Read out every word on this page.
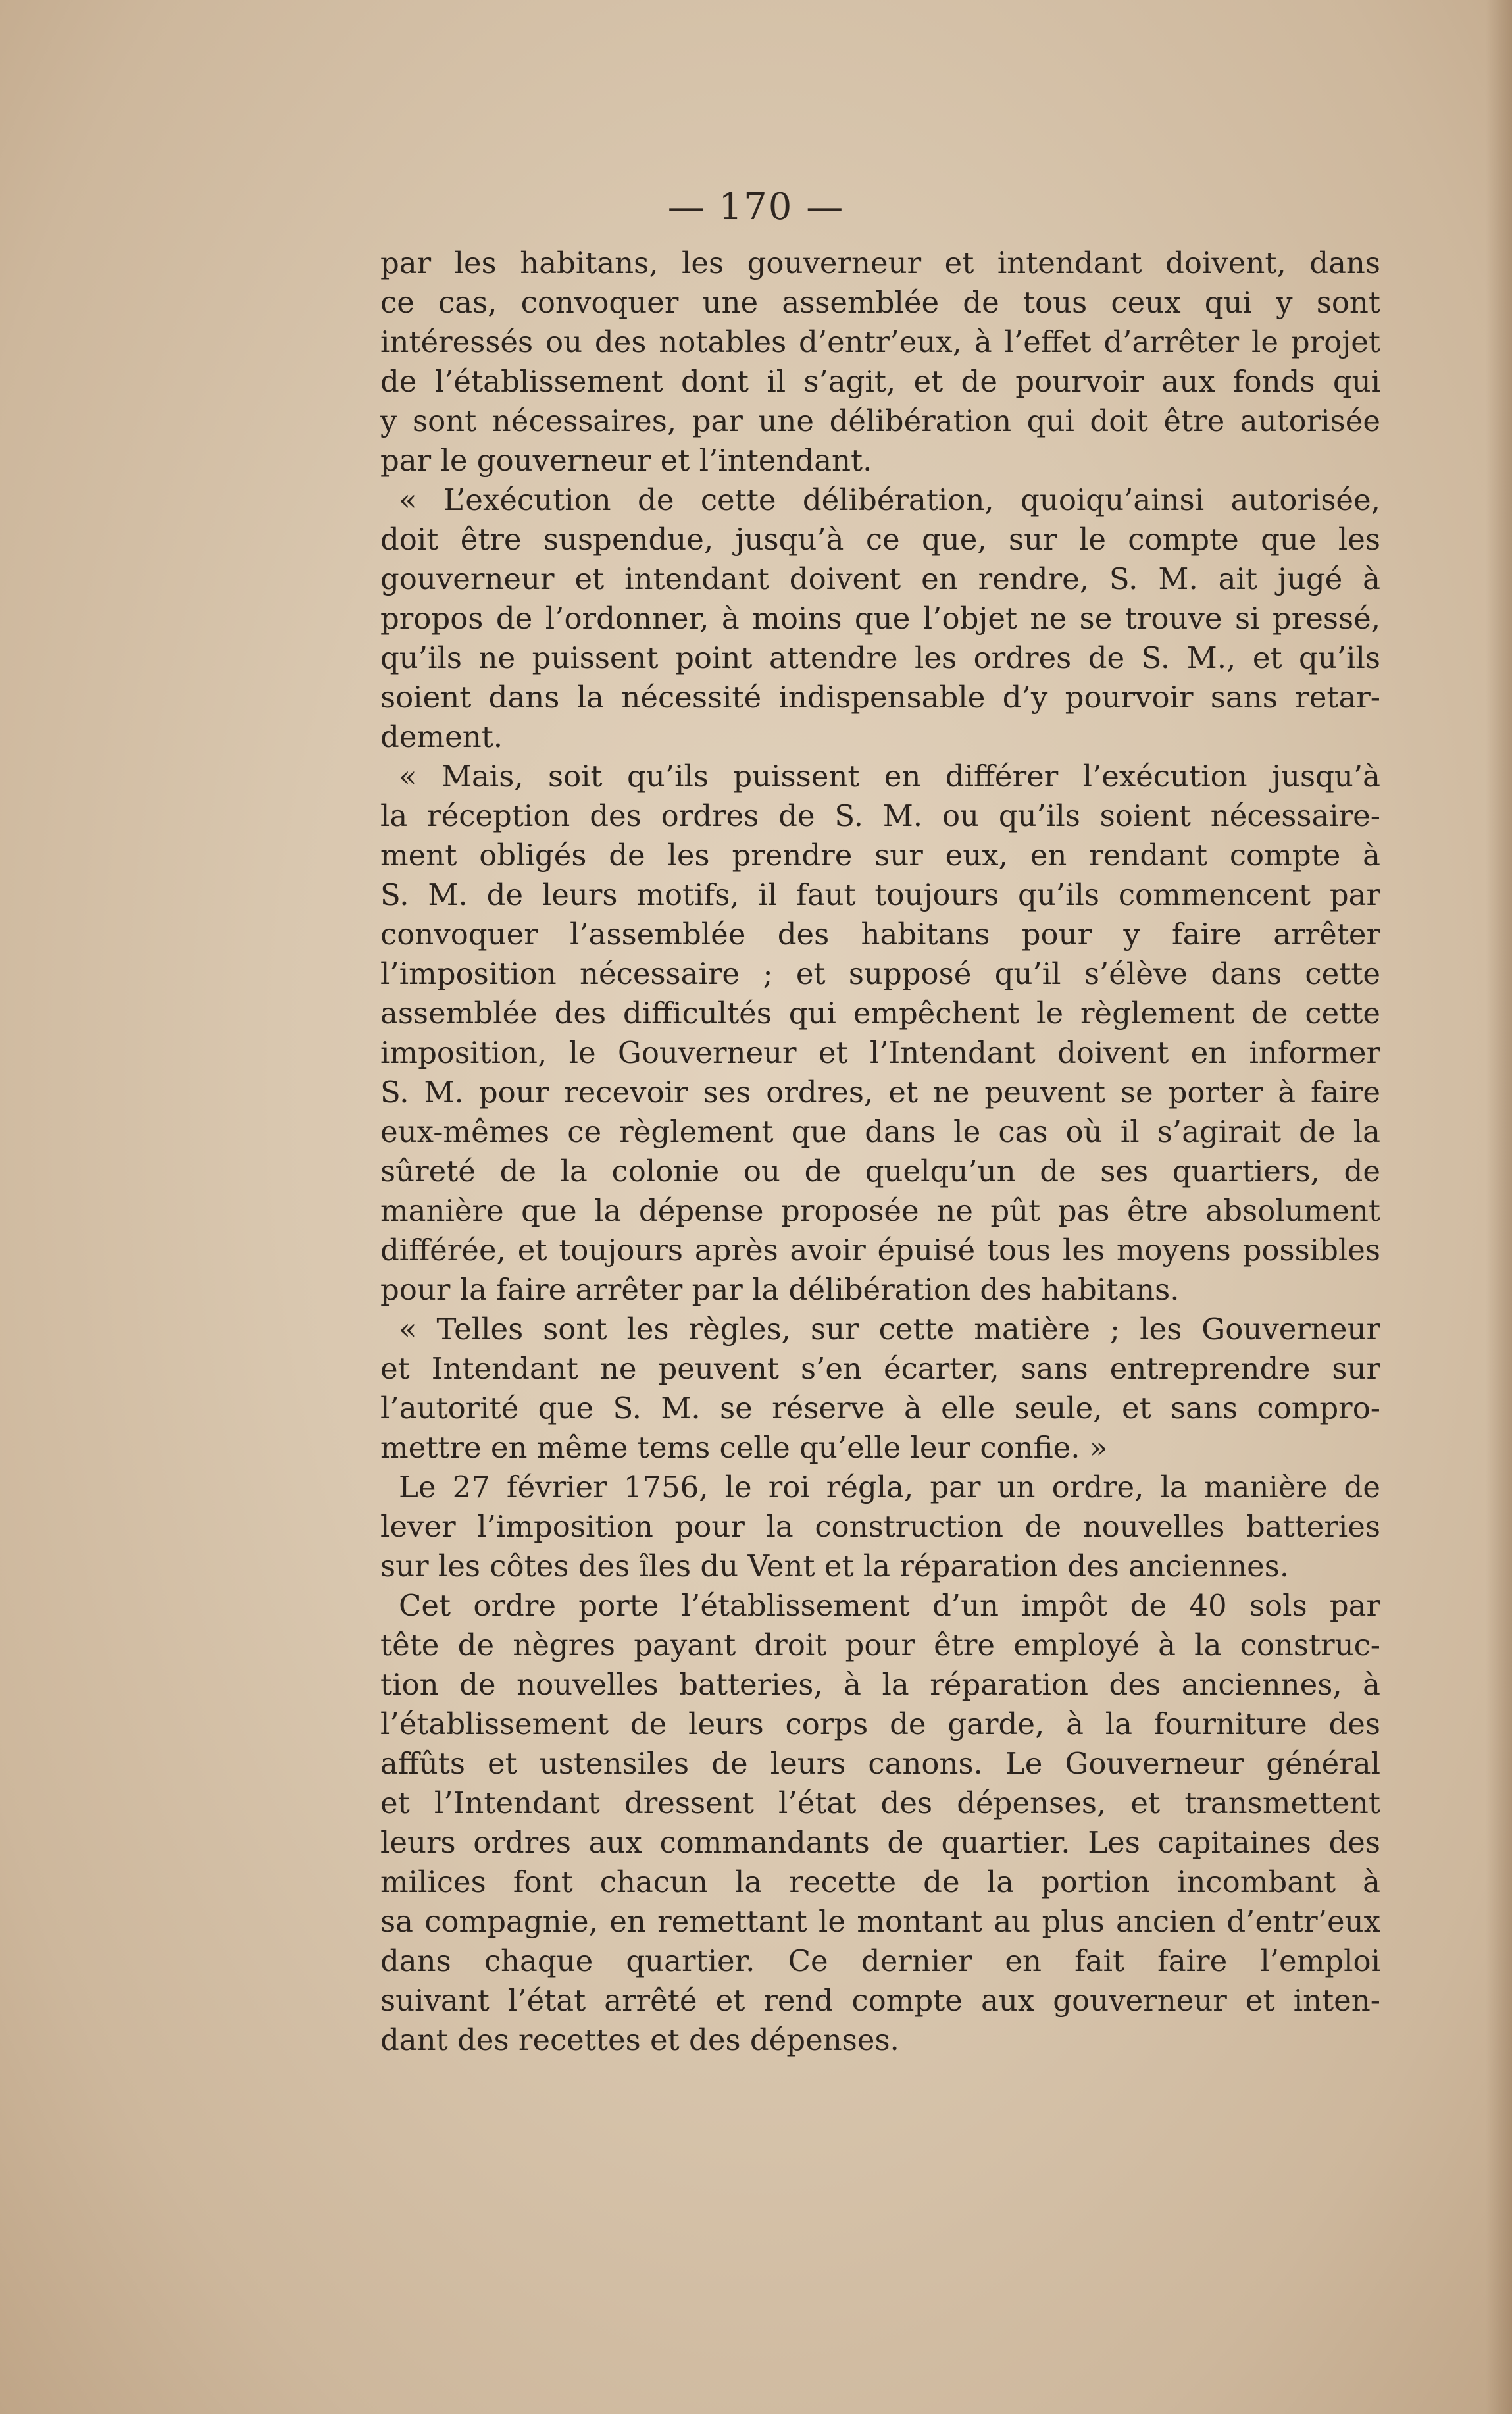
— 170 —
par les habitans, les gouverneur et intendant doivent, dans
ce cas, convoquer une assemblée de tous ceux qui y sont
intéressés ou des notables d’entr’eux, à l’effet d’arrêter le projet
de l’établissement dont il s’agit, et de pourvoir aux fonds qui
y sont nécessaires, par une délibération qui doit être autorisée
par le gouverneur et l’intendant.
« L’exécution de cette délibération, quoiqu’ainsi autorisée,
doit être suspendue, jusqu’à ce que, sur le compte que les
gouverneur et intendant doivent en rendre, S. M. ait jugé à
propos de l’ordonner, à moins que l’objet ne se trouve si pressé,
qu’ils ne puissent point attendre les ordres de S. M., et qu’ils
soient dans la nécessité indispensable d’y pourvoir sans retar-
dement.
« Mais, soit qu’ils puissent en différer l’exécution jusqu’à
la réception des ordres de S. M. ou qu’ils soient nécessaire-
ment obligés de les prendre sur eux, en rendant compte à
S. M. de leurs motifs, il faut toujours qu’ils commencent par
convoquer l’assemblée des habitans pour y faire arrêter
l’imposition nécessaire ; et supposé qu’il s’élève dans cette
assemblée des difficultés qui empêchent le règlement de cette
imposition, le Gouverneur et l’Intendant doivent en informer
S. M. pour recevoir ses ordres, et ne peuvent se porter à faire
eux-mêmes ce règlement que dans le cas où il s’agirait de la
sûreté de la colonie ou de quelqu’un de ses quartiers, de
manière que la dépense proposée ne pût pas être absolument
différée, et toujours après avoir épuisé tous les moyens possibles
pour la faire arrêter par la délibération des habitans.
« Telles sont les règles, sur cette matière ; les Gouverneur
et Intendant ne peuvent s’en écarter, sans entreprendre sur
l’autorité que S. M. se réserve à elle seule, et sans compro-
mettre en même tems celle qu’elle leur confie. »
Le 27 février 1756, le roi régla, par un ordre, la manière de
lever l’imposition pour la construction de nouvelles batteries
sur les côtes des îles du Vent et la réparation des anciennes.
Cet ordre porte l’établissement d’un impôt de 40 sols par
tête de nègres payant droit pour être employé à la construc-
tion de nouvelles batteries, à la réparation des anciennes, à
l’établissement de leurs corps de garde, à la fourniture des
affûts et ustensiles de leurs canons. Le Gouverneur général
et l’Intendant dressent l’état des dépenses, et transmettent
leurs ordres aux commandants de quartier. Les capitaines des
milices font chacun la recette de la portion incombant à
sa compagnie, en remettant le montant au plus ancien d’entr’eux
dans chaque quartier. Ce dernier en fait faire l’emploi
suivant l’état arrêté et rend compte aux gouverneur et inten-
dant des recettes et des dépenses.
